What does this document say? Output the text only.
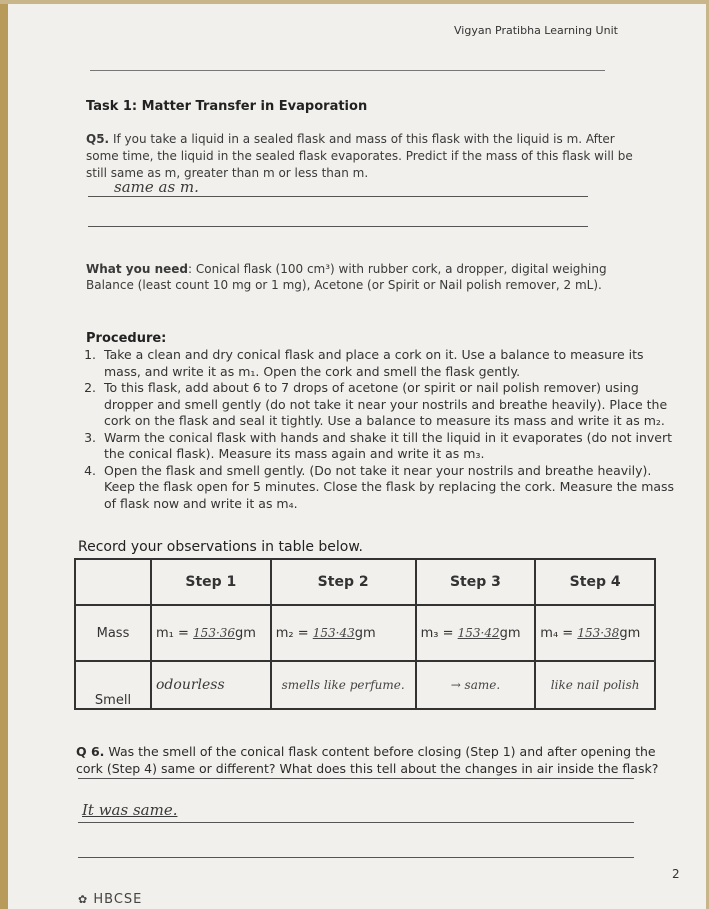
Vigyan Pratibha Learning Unit
Task 1: Matter Transfer in Evaporation
Q5. If you take a liquid in a sealed flask and mass of this flask with the liquid is m. After some time, the liquid in the sealed flask evaporates. Predict if the mass of this flask will be still same as m, greater than m or less than m.
same as m.
What you need: Conical flask (100 cm³) with rubber cork, a dropper, digital weighing Balance (least count 10 mg or 1 mg), Acetone (or Spirit or Nail polish remover, 2 mL).
Procedure:
1. Take a clean and dry conical flask and place a cork on it. Use a balance to measure its mass, and write it as m₁. Open the cork and smell the flask gently.
2. To this flask, add about 6 to 7 drops of acetone (or spirit or nail polish remover) using dropper and smell gently (do not take it near your nostrils and breathe heavily). Place the cork on the flask and seal it tightly. Use a balance to measure its mass and write it as m₂.
3. Warm the conical flask with hands and shake it till the liquid in it evaporates (do not invert the conical flask). Measure its mass again and write it as m₃.
4. Open the flask and smell gently. (Do not take it near your nostrils and breathe heavily). Keep the flask open for 5 minutes. Close the flask by replacing the cork. Measure the mass of flask now and write it as m₄.
Record your observations in table below.
	Step 1	Step 2	Step 3	Step 4
Mass	m₁ = 153·36gm	m₂ = 153·43gm	m₃ = 153·42gm	m₄ = 153·38gm
Smell	odourless	smells like perfume.	→ same.	like nail polish
Q 6. Was the smell of the conical flask content before closing (Step 1) and after opening the cork (Step 4) same or different? What does this tell about the changes in air inside the flask?
It was same.
2
✿ HBCSE
